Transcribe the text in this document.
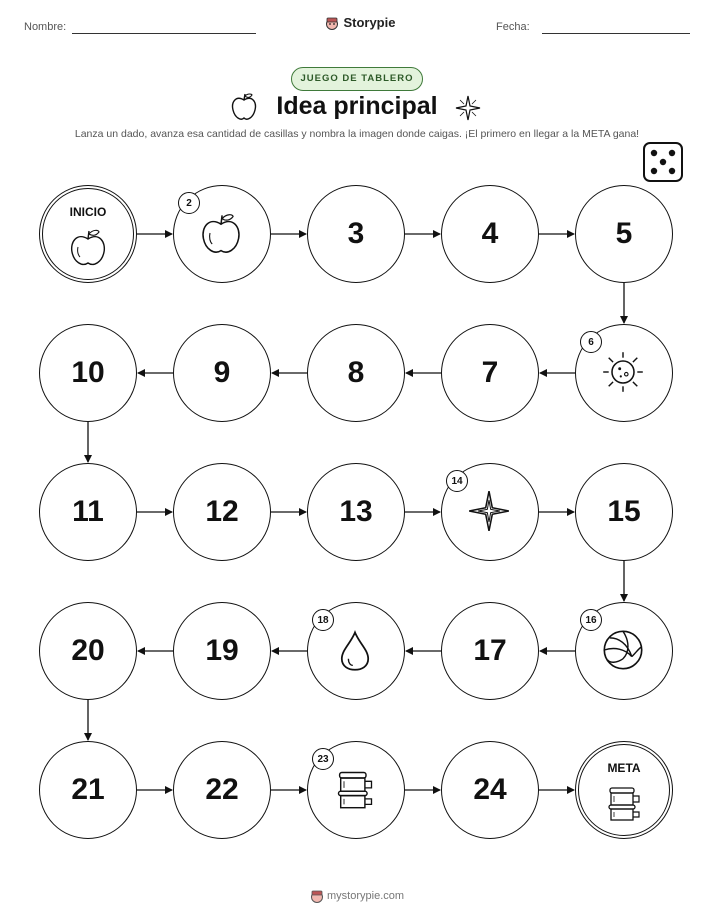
Nombre:	Storypie	Fecha:
JUEGO DE TABLERO
Idea principal
Lanza un dado, avanza esa cantidad de casillas y nombra la imagen donde caigas. ¡El primero en llegar a la META gana!
INICIO
2
3	4	5
6
7
8
9
10
11	12	13
14
15
16
17
18
19
20
21	22
23
24
META
mystorypie.com
